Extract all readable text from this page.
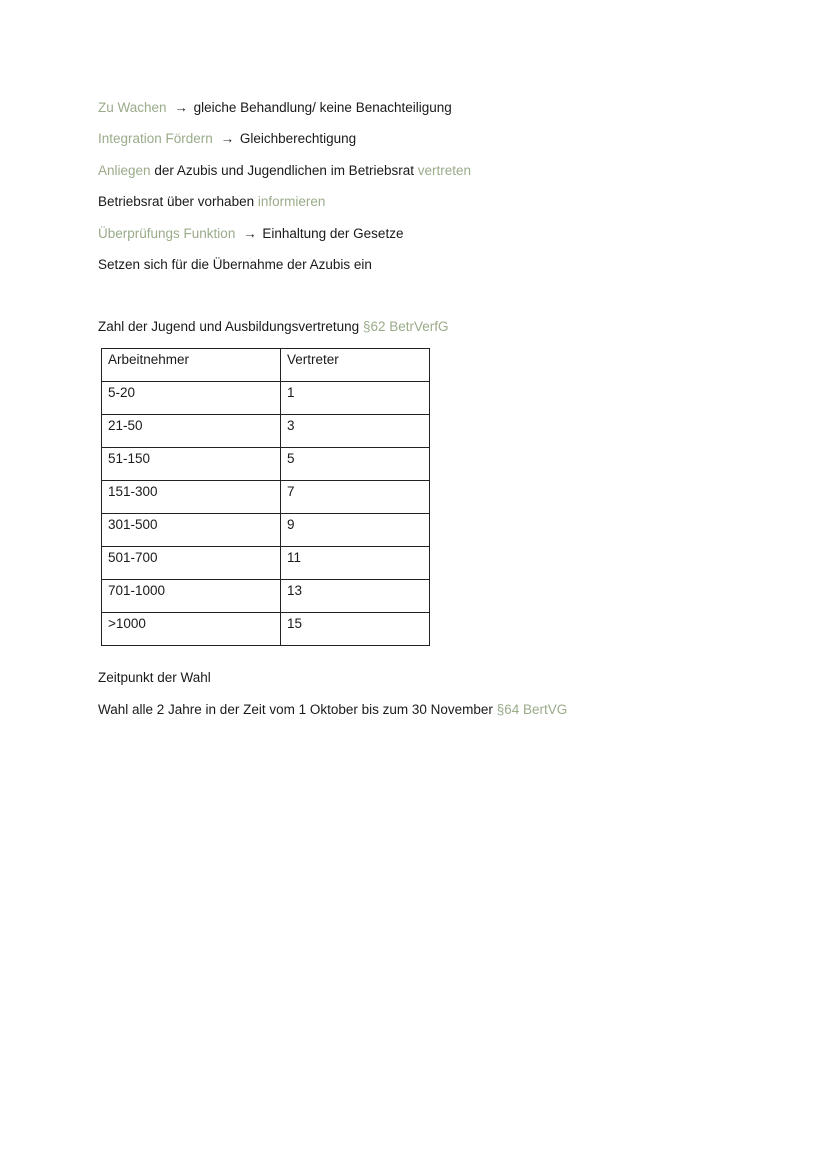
Zu Wachen → gleiche Behandlung/ keine Benachteiligung
Integration Fördern → Gleichberechtigung
Anliegen der Azubis und Jugendlichen im Betriebsrat vertreten
Betriebsrat über vorhaben informieren
Überprüfungs Funktion → Einhaltung der Gesetze
Setzen sich für die Übernahme der Azubis ein
Zahl der Jugend und Ausbildungsvertretung §62 BetrVerfG
Arbeitnehmer	Vertreter
5-20	1
21-50	3
51-150	5
151-300	7
301-500	9
501-700	11
701-1000	13
>1000	15
Zeitpunkt der Wahl
Wahl alle 2 Jahre in der Zeit vom 1 Oktober bis zum 30 November §64 BertVG
